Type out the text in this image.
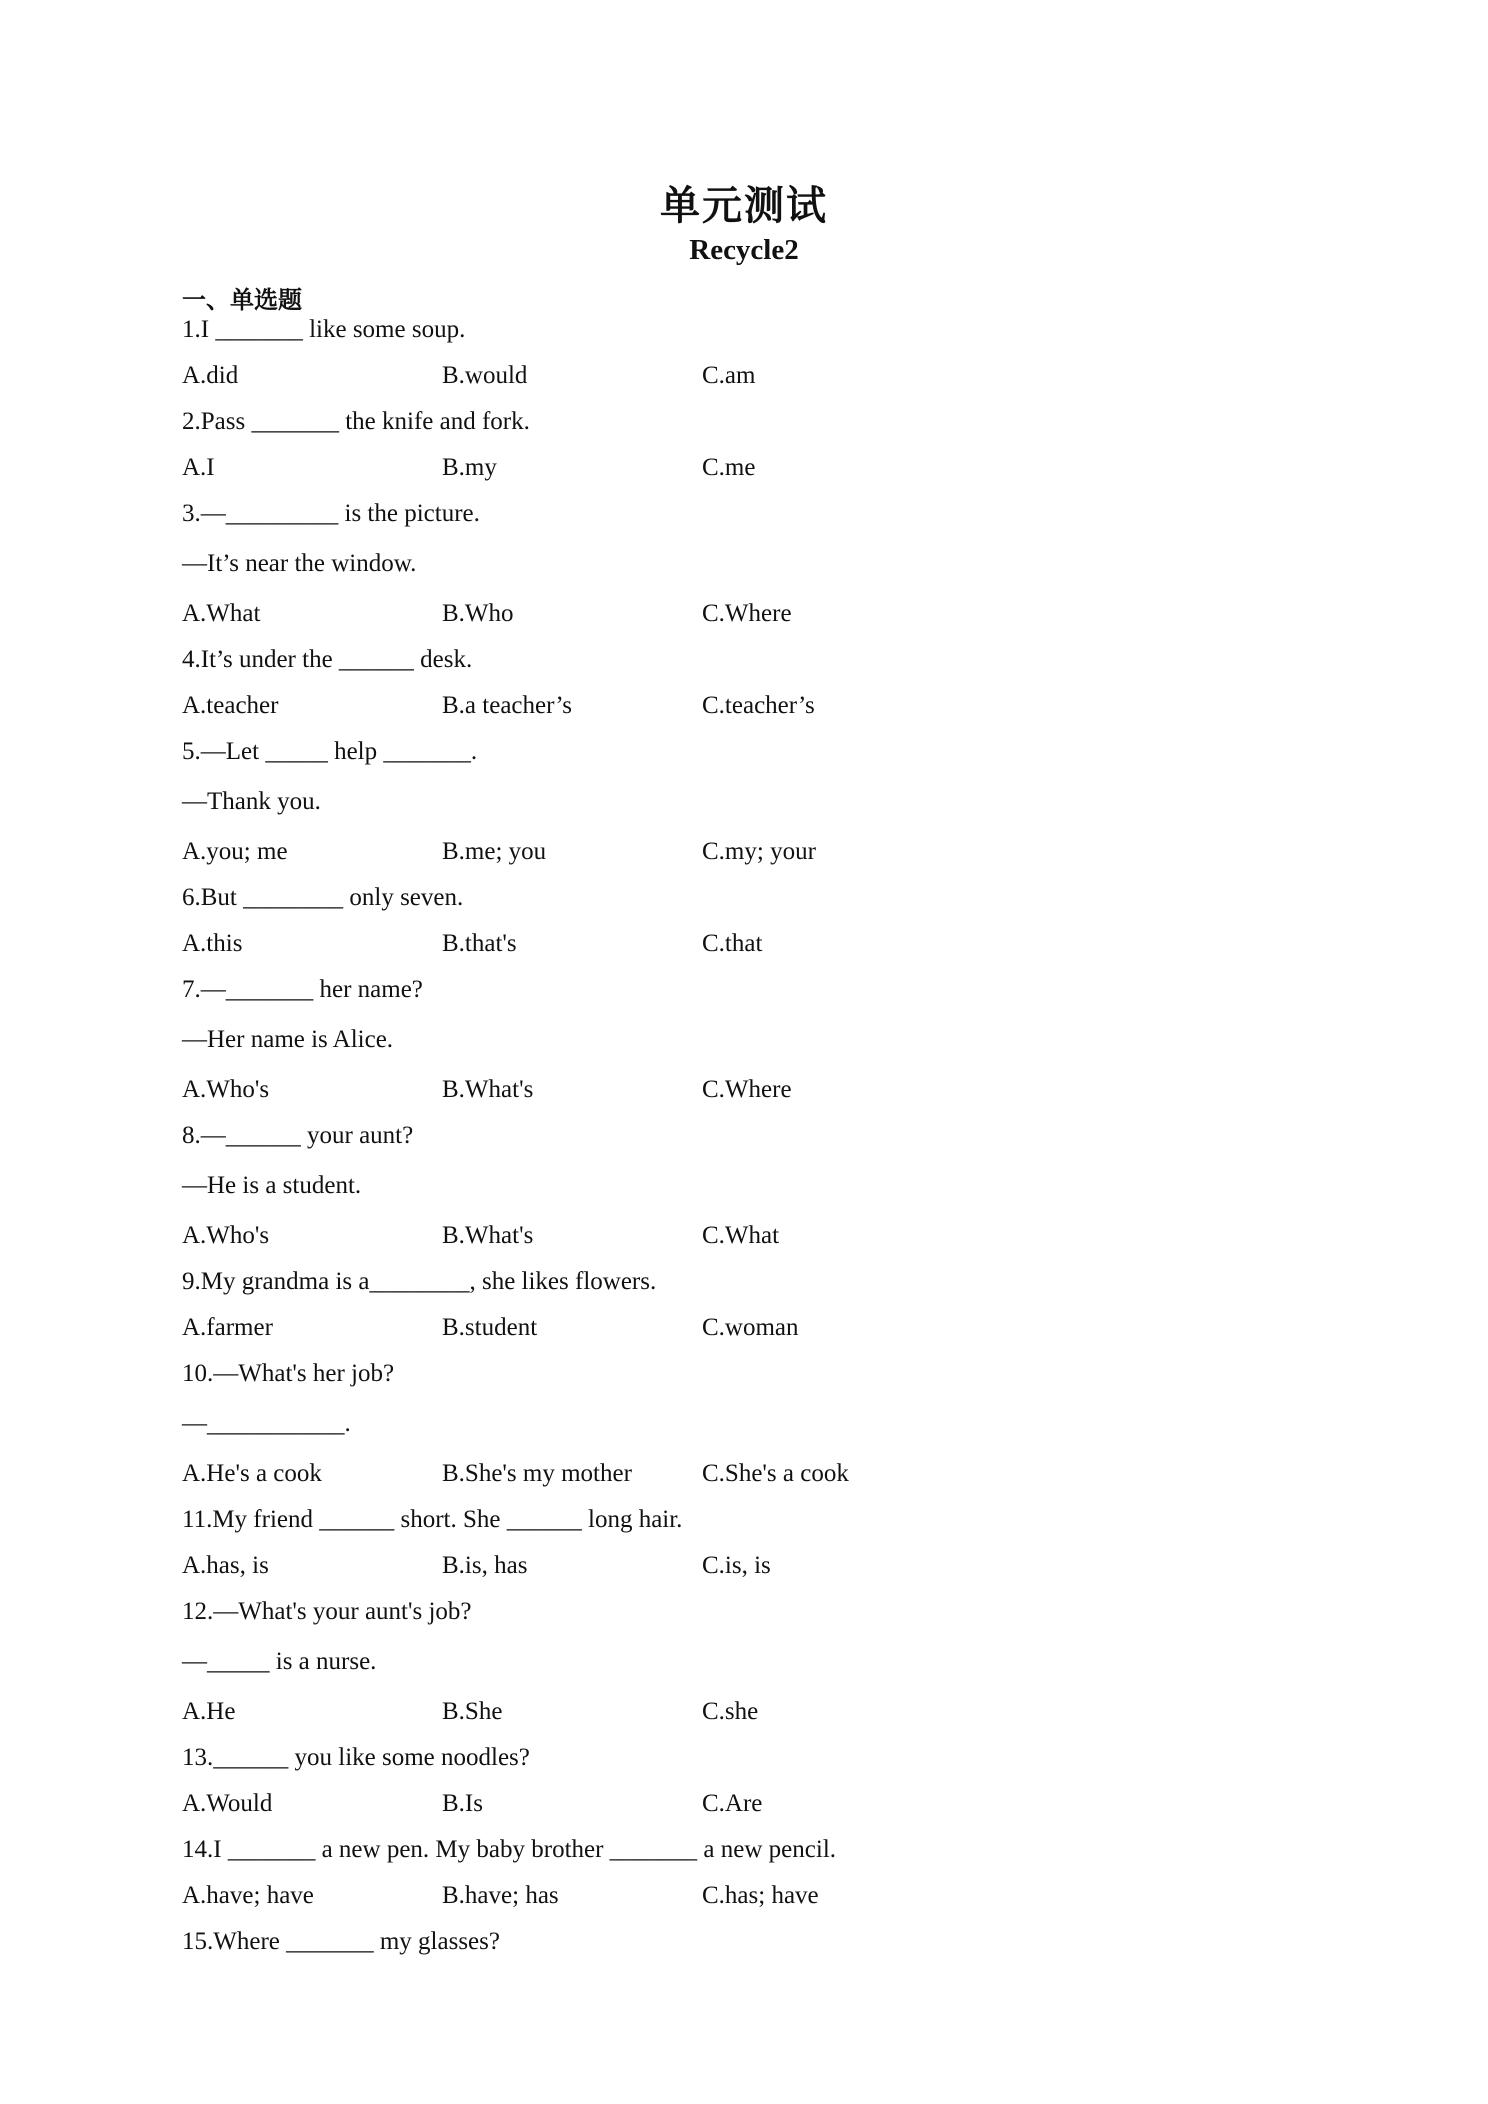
单元测试
Recycle2
一、单选题
1.I _______ like some soup.
A.did	B.would	C.am
2.Pass _______ the knife and fork.
A.I	B.my	C.me
3.—_________ is the picture.
—It’s near the window.
A.What	B.Who	C.Where
4.It’s under the ______ desk.
A.teacher	B.a teacher’s	C.teacher’s
5.—Let _____ help _______.
—Thank you.
A.you; me	B.me; you	C.my; your
6.But ________ only seven.
A.this	B.that's	C.that
7.—_______ her name?
—Her name is Alice.
A.Who's	B.What's	C.Where
8.—______ your aunt?
—He is a student.
A.Who's	B.What's	C.What
9.My grandma is a________, she likes flowers.
A.farmer	B.student	C.woman
10.—What's her job?
—___________.
A.He's a cook	B.She's my mother	C.She's a cook
11.My friend ______ short. She ______ long hair.
A.has, is	B.is, has	C.is, is
12.—What's your aunt's job?
—_____ is a nurse.
A.He	B.She	C.she
13.______ you like some noodles?
A.Would	B.Is	C.Are
14.I _______ a new pen. My baby brother _______ a new pencil.
A.have; have	B.have; has	C.has; have
15.Where _______ my glasses?
